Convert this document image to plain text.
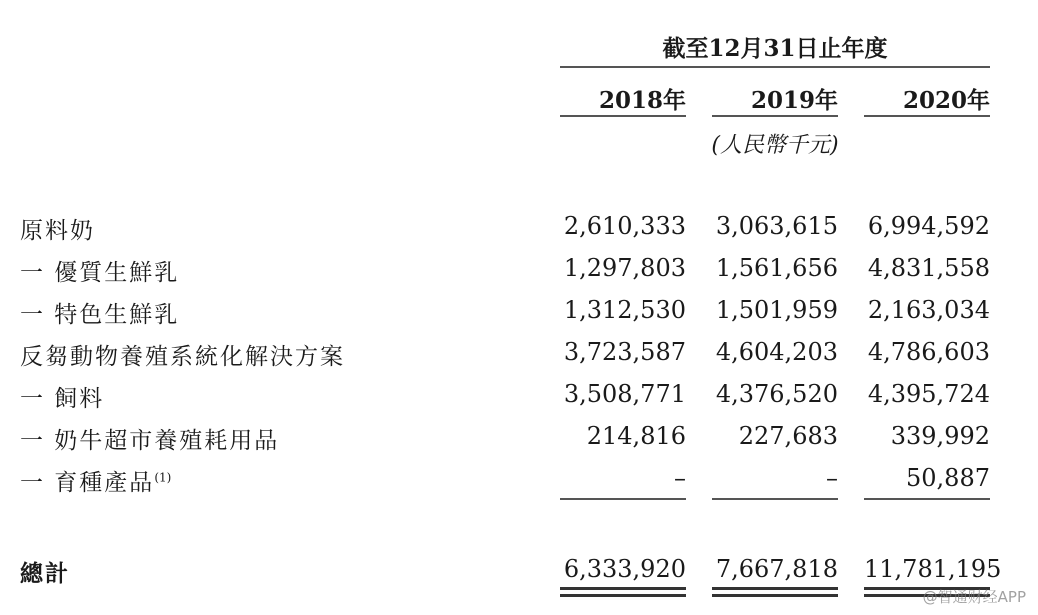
截至12月31日止年度
2018年	2019年	2020年
(人民幣千元)
原料奶	2,610,333 3,063,615 6,994,592
一 優質生鮮乳	1,297,803 1,561,656 4,831,558
一 特色生鮮乳	1,312,530 1,501,959 2,163,034
反芻動物養殖系統化解決方案	3,723,587 4,604,203 4,786,603
一 飼料	3,508,771 4,376,520 4,395,724
一 奶牛超市養殖耗用品	214,816	227,683	339,992
一 育種產品$^{(1)}$	–	–	50,887
總計	6,333,920 7,667,818 11,781,195
@智通财经APP
